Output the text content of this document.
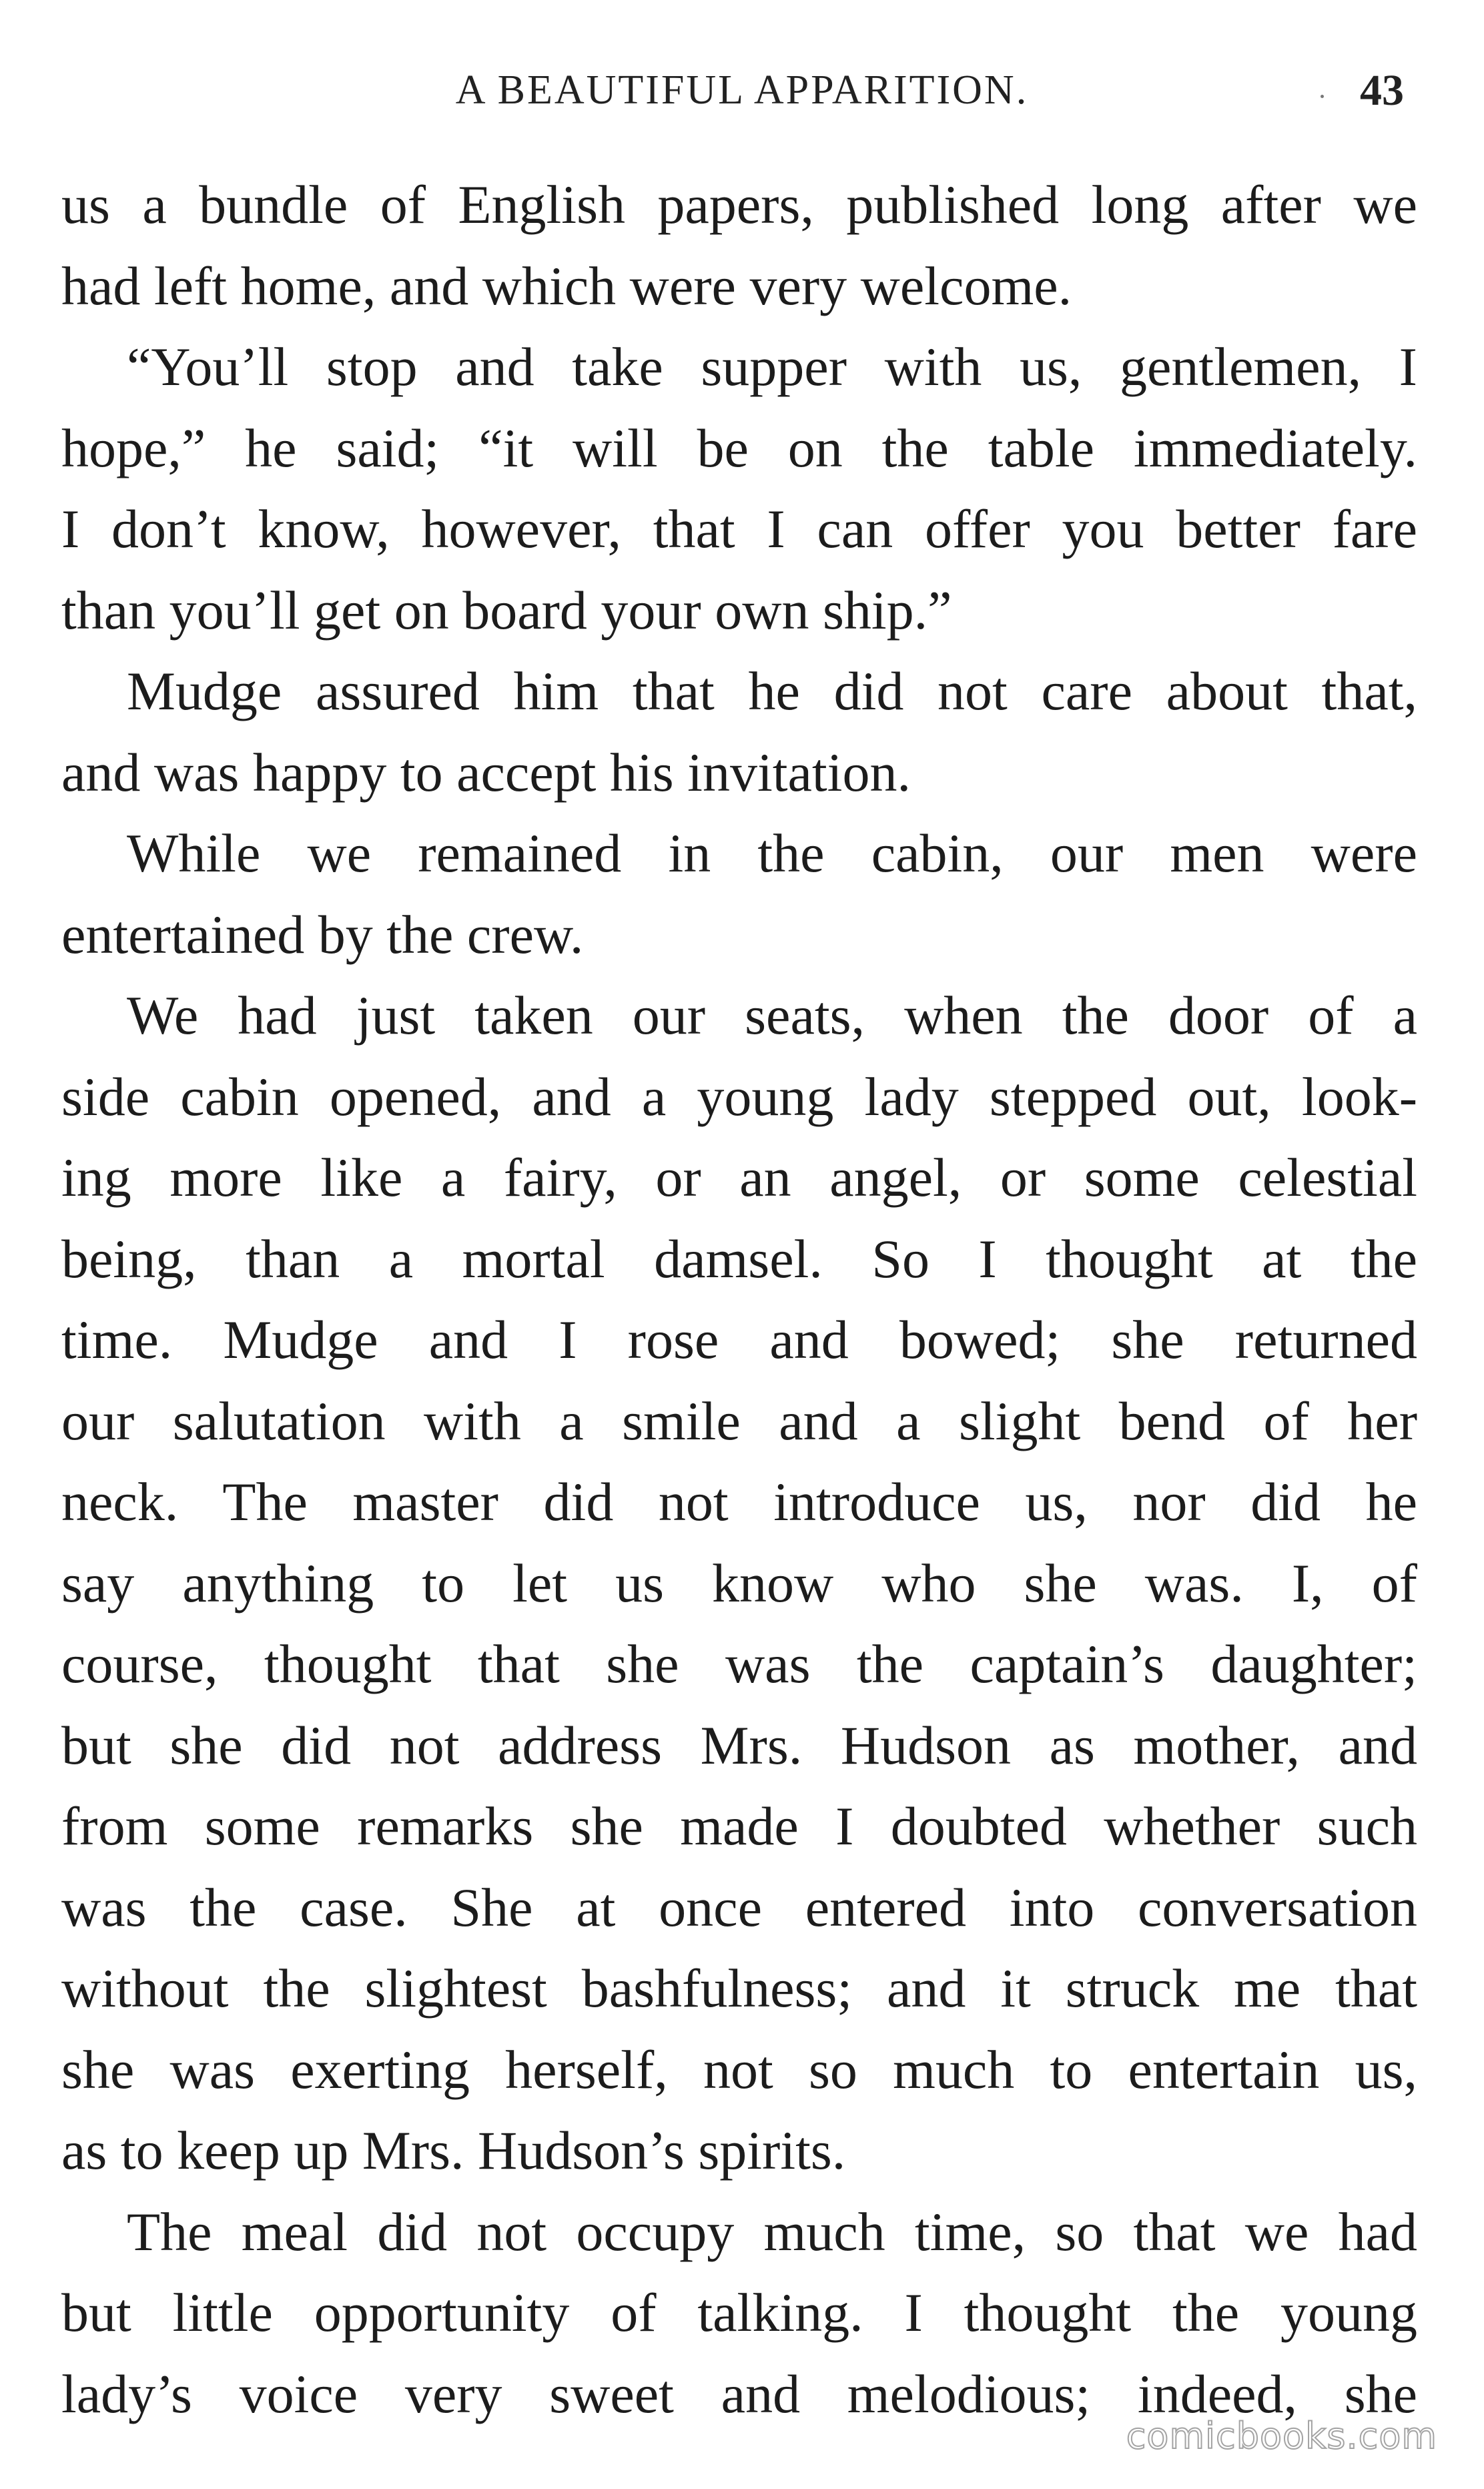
A BEAUTIFUL APPARITION.	43
us a bundle of English papers, published long after we
had left home, and which were very welcome.
“You’ll stop and take supper with us, gentlemen, I
hope,” he said; “it will be on the table immediately.
I don’t know, however, that I can offer you better fare
than you’ll get on board your own ship.”
Mudge assured him that he did not care about that,
and was happy to accept his invitation.
While we remained in the cabin, our men were
entertained by the crew.
We had just taken our seats, when the door of a
side cabin opened, and a young lady stepped out, look-
ing more like a fairy, or an angel, or some celestial
being, than a mortal damsel. So I thought at the
time. Mudge and I rose and bowed; she returned
our salutation with a smile and a slight bend of her
neck. The master did not introduce us, nor did he
say anything to let us know who she was. I, of
course, thought that she was the captain’s daughter;
but she did not address Mrs. Hudson as mother, and
from some remarks she made I doubted whether such
was the case. She at once entered into conversation
without the slightest bashfulness; and it struck me that
she was exerting herself, not so much to entertain us,
as to keep up Mrs. Hudson’s spirits.
The meal did not occupy much time, so that we had
but little opportunity of talking. I thought the young
lady’s voice very sweet and melodious; indeed, she
comicbooks.com
